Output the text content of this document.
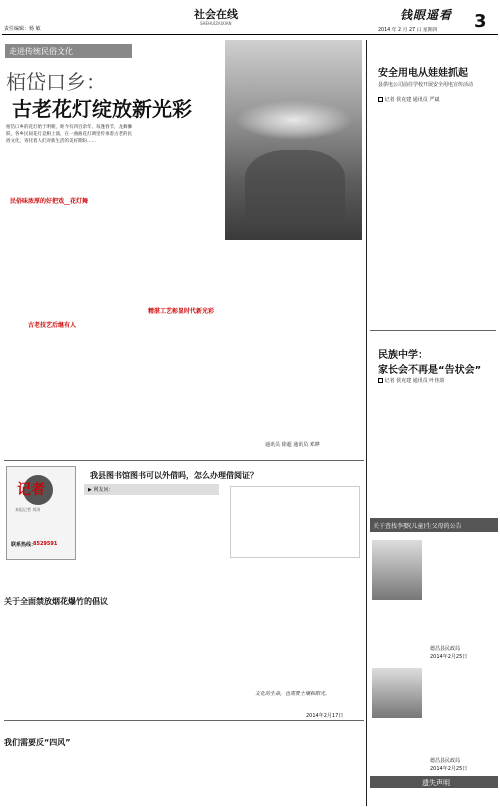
责任编辑：杨 敏
社会在线
SHEHUIZAIXIAN
钱眼遥看
2014 年 2 月 27 日 星期四 3
走进传统民俗文化
栢岱口乡：
古老花灯绽放新光彩
栢岱口乡的花灯始于明朝，距今有四百余年。每逢春节，龙舞狮跃，各乡民间花灯竞相上演，在一曲曲花灯调里传承着古老的民俗文化，寄托着人们对新生活的美好期盼……
民俗味浓厚的好把戏__花灯舞

古老技艺后继有人
精湛工艺彰显时代新光彩
通讯员 徐超 通讯员 邓晔
安全用电从娃娃抓起
县供电公司前往学校开展安全用电宣传活动
记者 侯克建 通讯员 严斌
民族中学：
家长会不再是“告状会”
记者 侯克建 通讯员 叶佳韵
关于查找李娶(儿童)生父母的公告
德昌县民政局
2014年2月25日
德昌县民政局
2014年2月25日
遗失声明
记者
本报记者 刘涛
联系热线：
8529591
我县图书馆图书可以外借吗，怎么办理借阅证？
▶ 网友问：
文化的生命，也需要土壤和阳光。
2014年2月17日
关于全面禁放烟花爆竹的倡议
我们需要反“四风”
